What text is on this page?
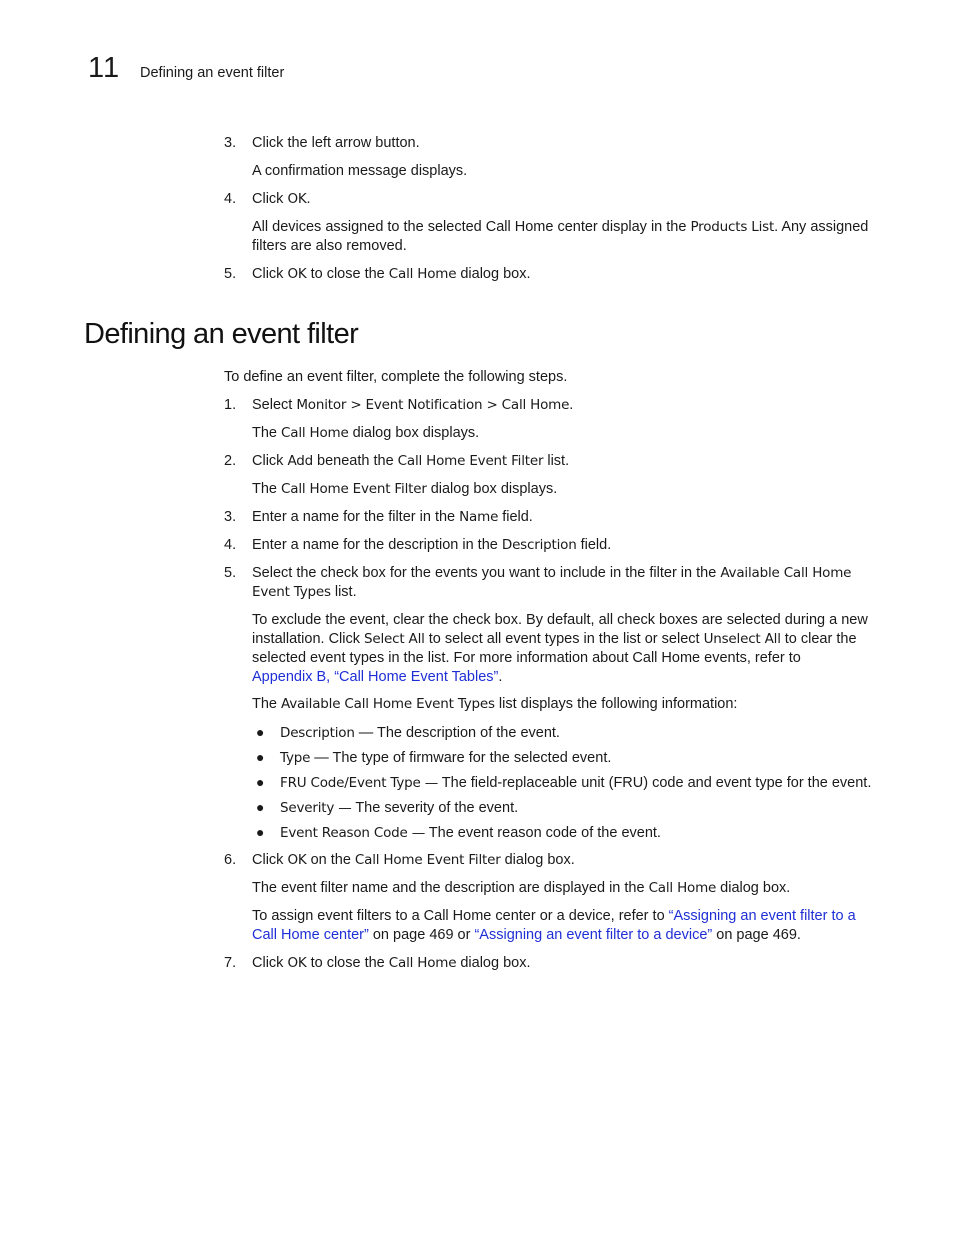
11 Defining an event filter
3. Click the left arrow button.
A confirmation message displays.
4. Click OK.
All devices assigned to the selected Call Home center display in the Products List. Any assigned
filters are also removed.
5. Click OK to close the Call Home dialog box.
Defining an event filter
To define an event filter, complete the following steps.
1. Select Monitor > Event Notification > Call Home.
The Call Home dialog box displays.
2. Click Add beneath the Call Home Event Filter list.
The Call Home Event Filter dialog box displays.
3. Enter a name for the filter in the Name field.
4. Enter a name for the description in the Description field.
5. Select the check box for the events you want to include in the filter in the Available Call Home
Event Types list.
To exclude the event, clear the check box. By default, all check boxes are selected during a new
installation. Click Select All to select all event types in the list or select Unselect All to clear the
selected event types in the list. For more information about Call Home events, refer to
Appendix B, “Call Home Event Tables”.
The Available Call Home Event Types list displays the following information:
● Description — The description of the event.
● Type — The type of firmware for the selected event.
● FRU Code/Event Type — The field-replaceable unit (FRU) code and event type for the event.
● Severity — The severity of the event.
● Event Reason Code — The event reason code of the event.
6. Click OK on the Call Home Event Filter dialog box.
The event filter name and the description are displayed in the Call Home dialog box.
To assign event filters to a Call Home center or a device, refer to “Assigning an event filter to a
Call Home center” on page 469 or “Assigning an event filter to a device” on page 469.
7. Click OK to close the Call Home dialog box.
